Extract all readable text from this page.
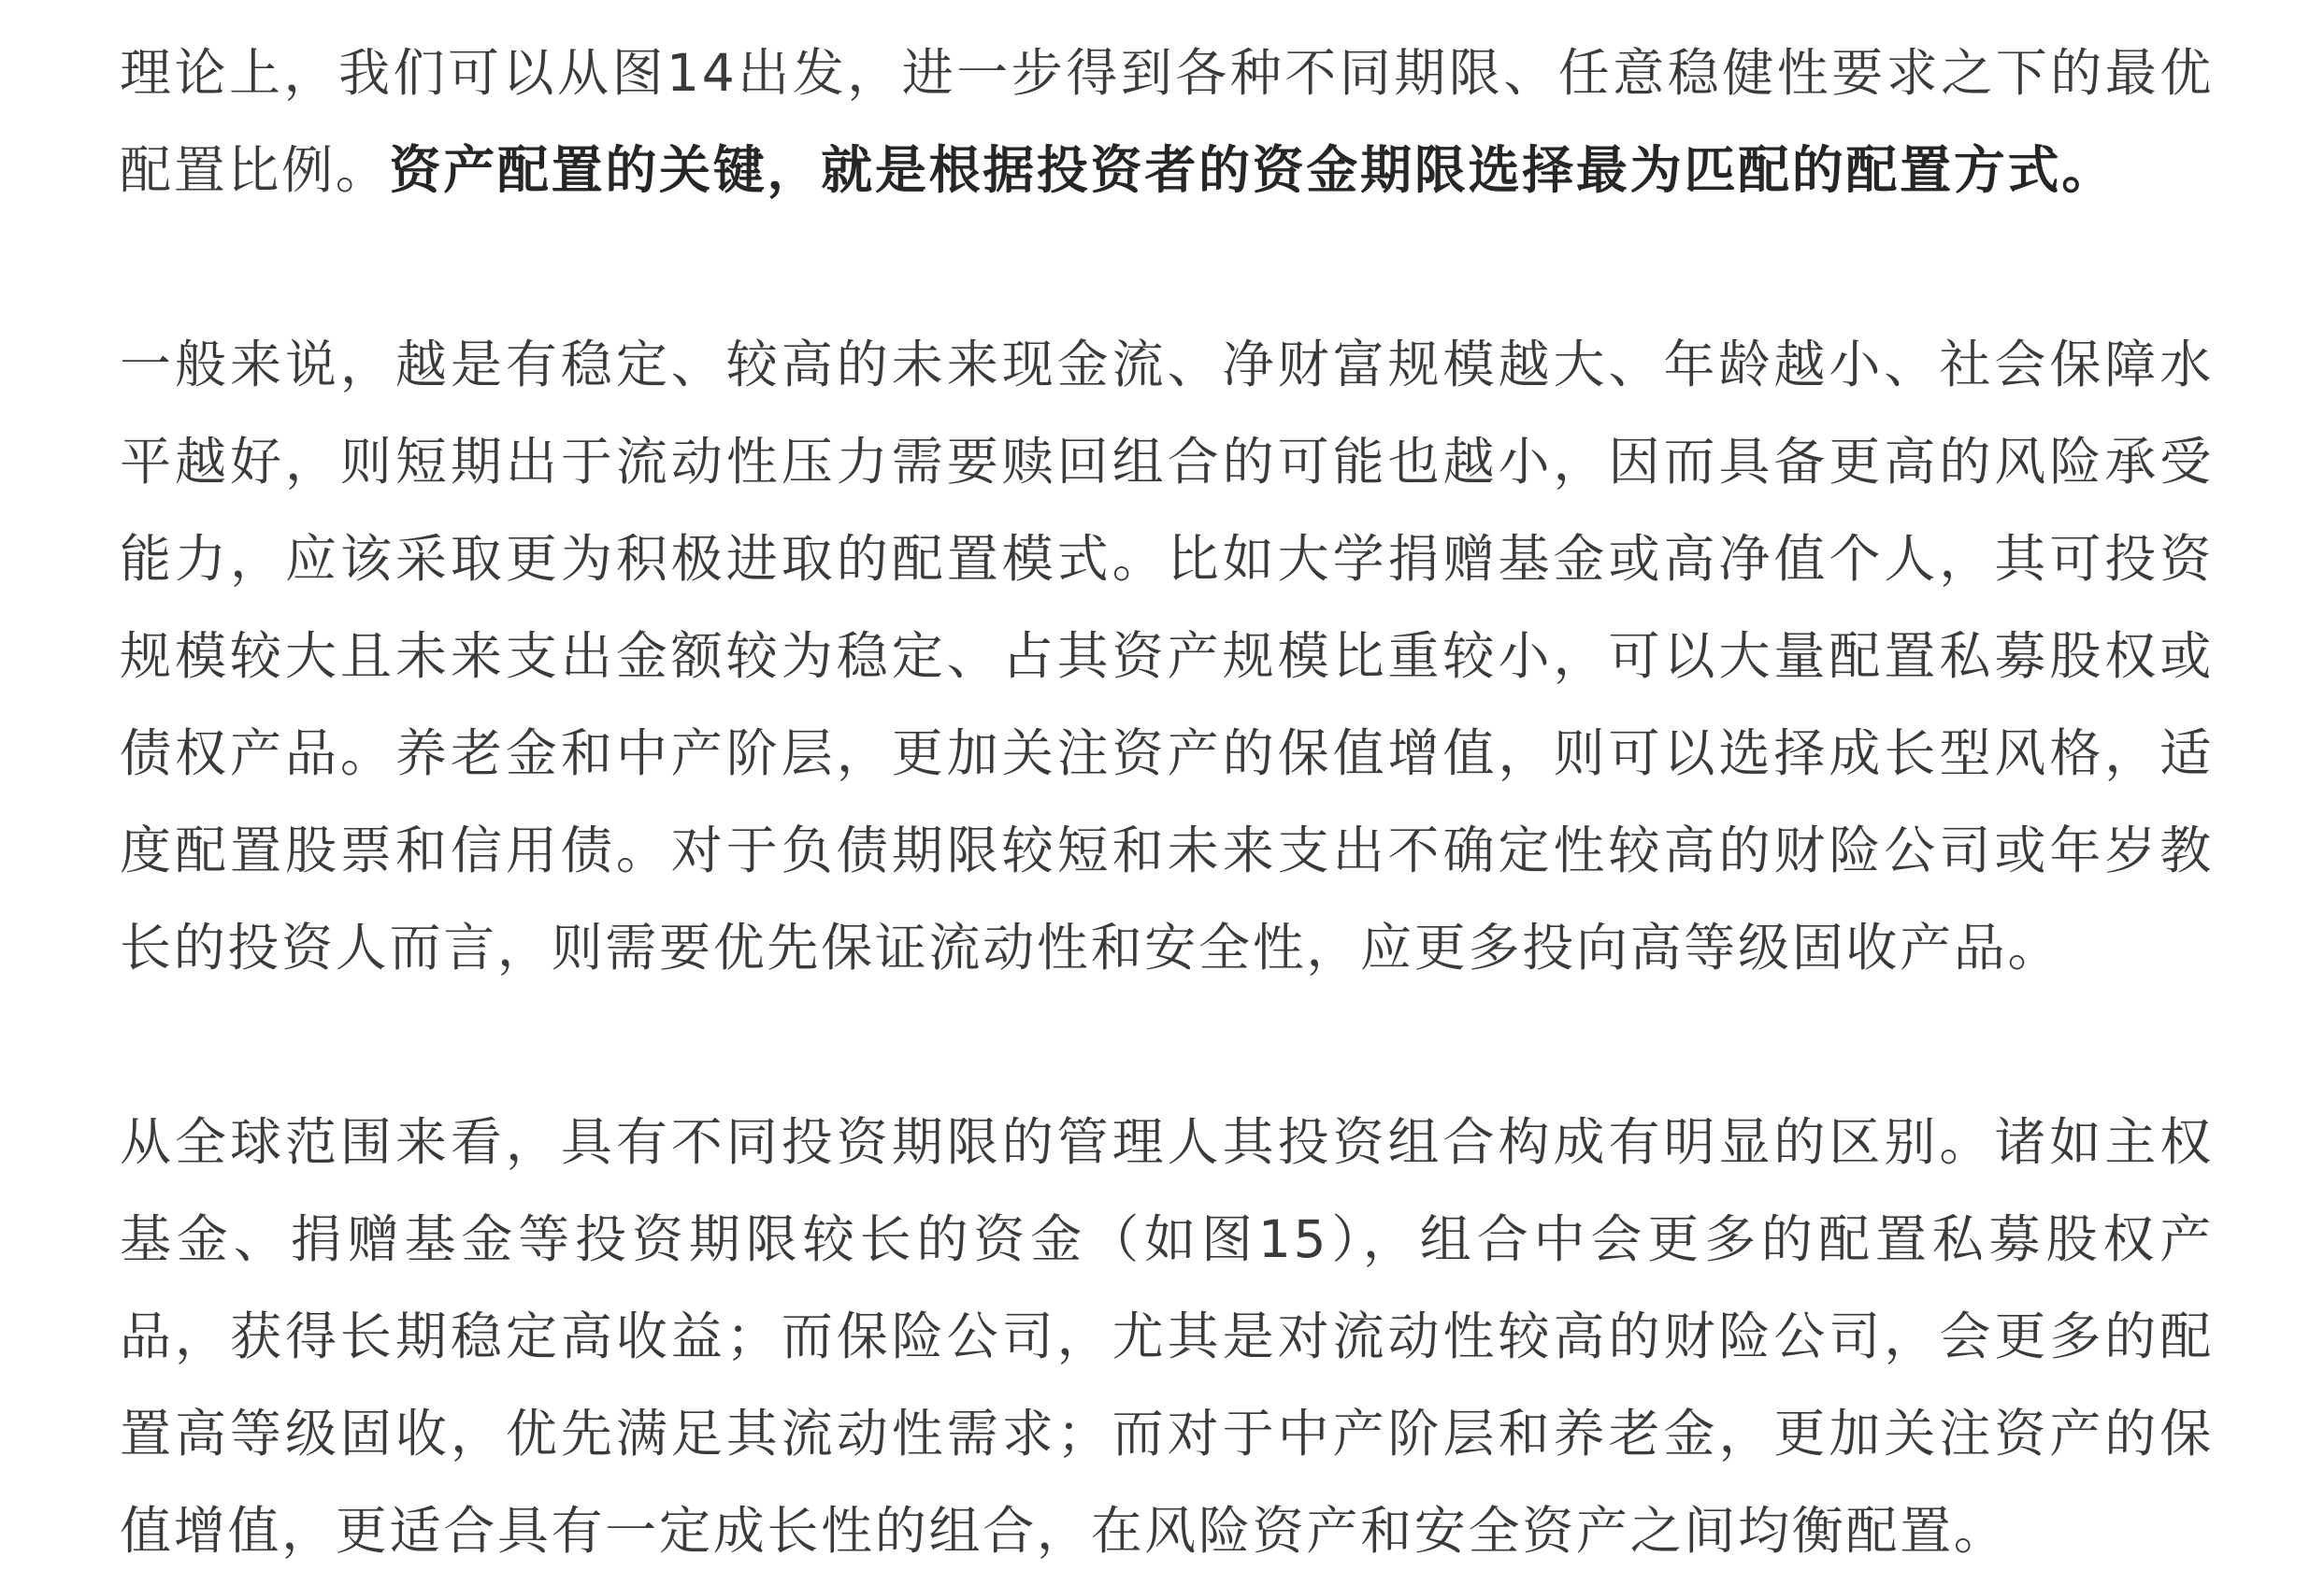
理论上，我们可以从图14出发，进一步得到各种不同期限、任意稳健性要求之下的最优配置比例。资产配置的关键，就是根据投资者的资金期限选择最为匹配的配置方式。

一般来说，越是有稳定、较高的未来现金流、净财富规模越大、年龄越小、社会保障水平越好，则短期出于流动性压力需要赎回组合的可能也越小，因而具备更高的风险承受能力，应该采取更为积极进取的配置模式。比如大学捐赠基金或高净值个人，其可投资规模较大且未来支出金额较为稳定、占其资产规模比重较小，可以大量配置私募股权或债权产品。养老金和中产阶层，更加关注资产的保值增值，则可以选择成长型风格，适度配置股票和信用债。对于负债期限较短和未来支出不确定性较高的财险公司或年岁教长的投资人而言，则需要优先保证流动性和安全性，应更多投向高等级固收产品。

从全球范围来看，具有不同投资期限的管理人其投资组合构成有明显的区别。诸如主权基金、捐赠基金等投资期限较长的资金（如图15），组合中会更多的配置私募股权产品，获得长期稳定高收益；而保险公司，尤其是对流动性较高的财险公司，会更多的配置高等级固收，优先满足其流动性需求；而对于中产阶层和养老金，更加关注资产的保值增值，更适合具有一定成长性的组合，在风险资产和安全资产之间均衡配置。
